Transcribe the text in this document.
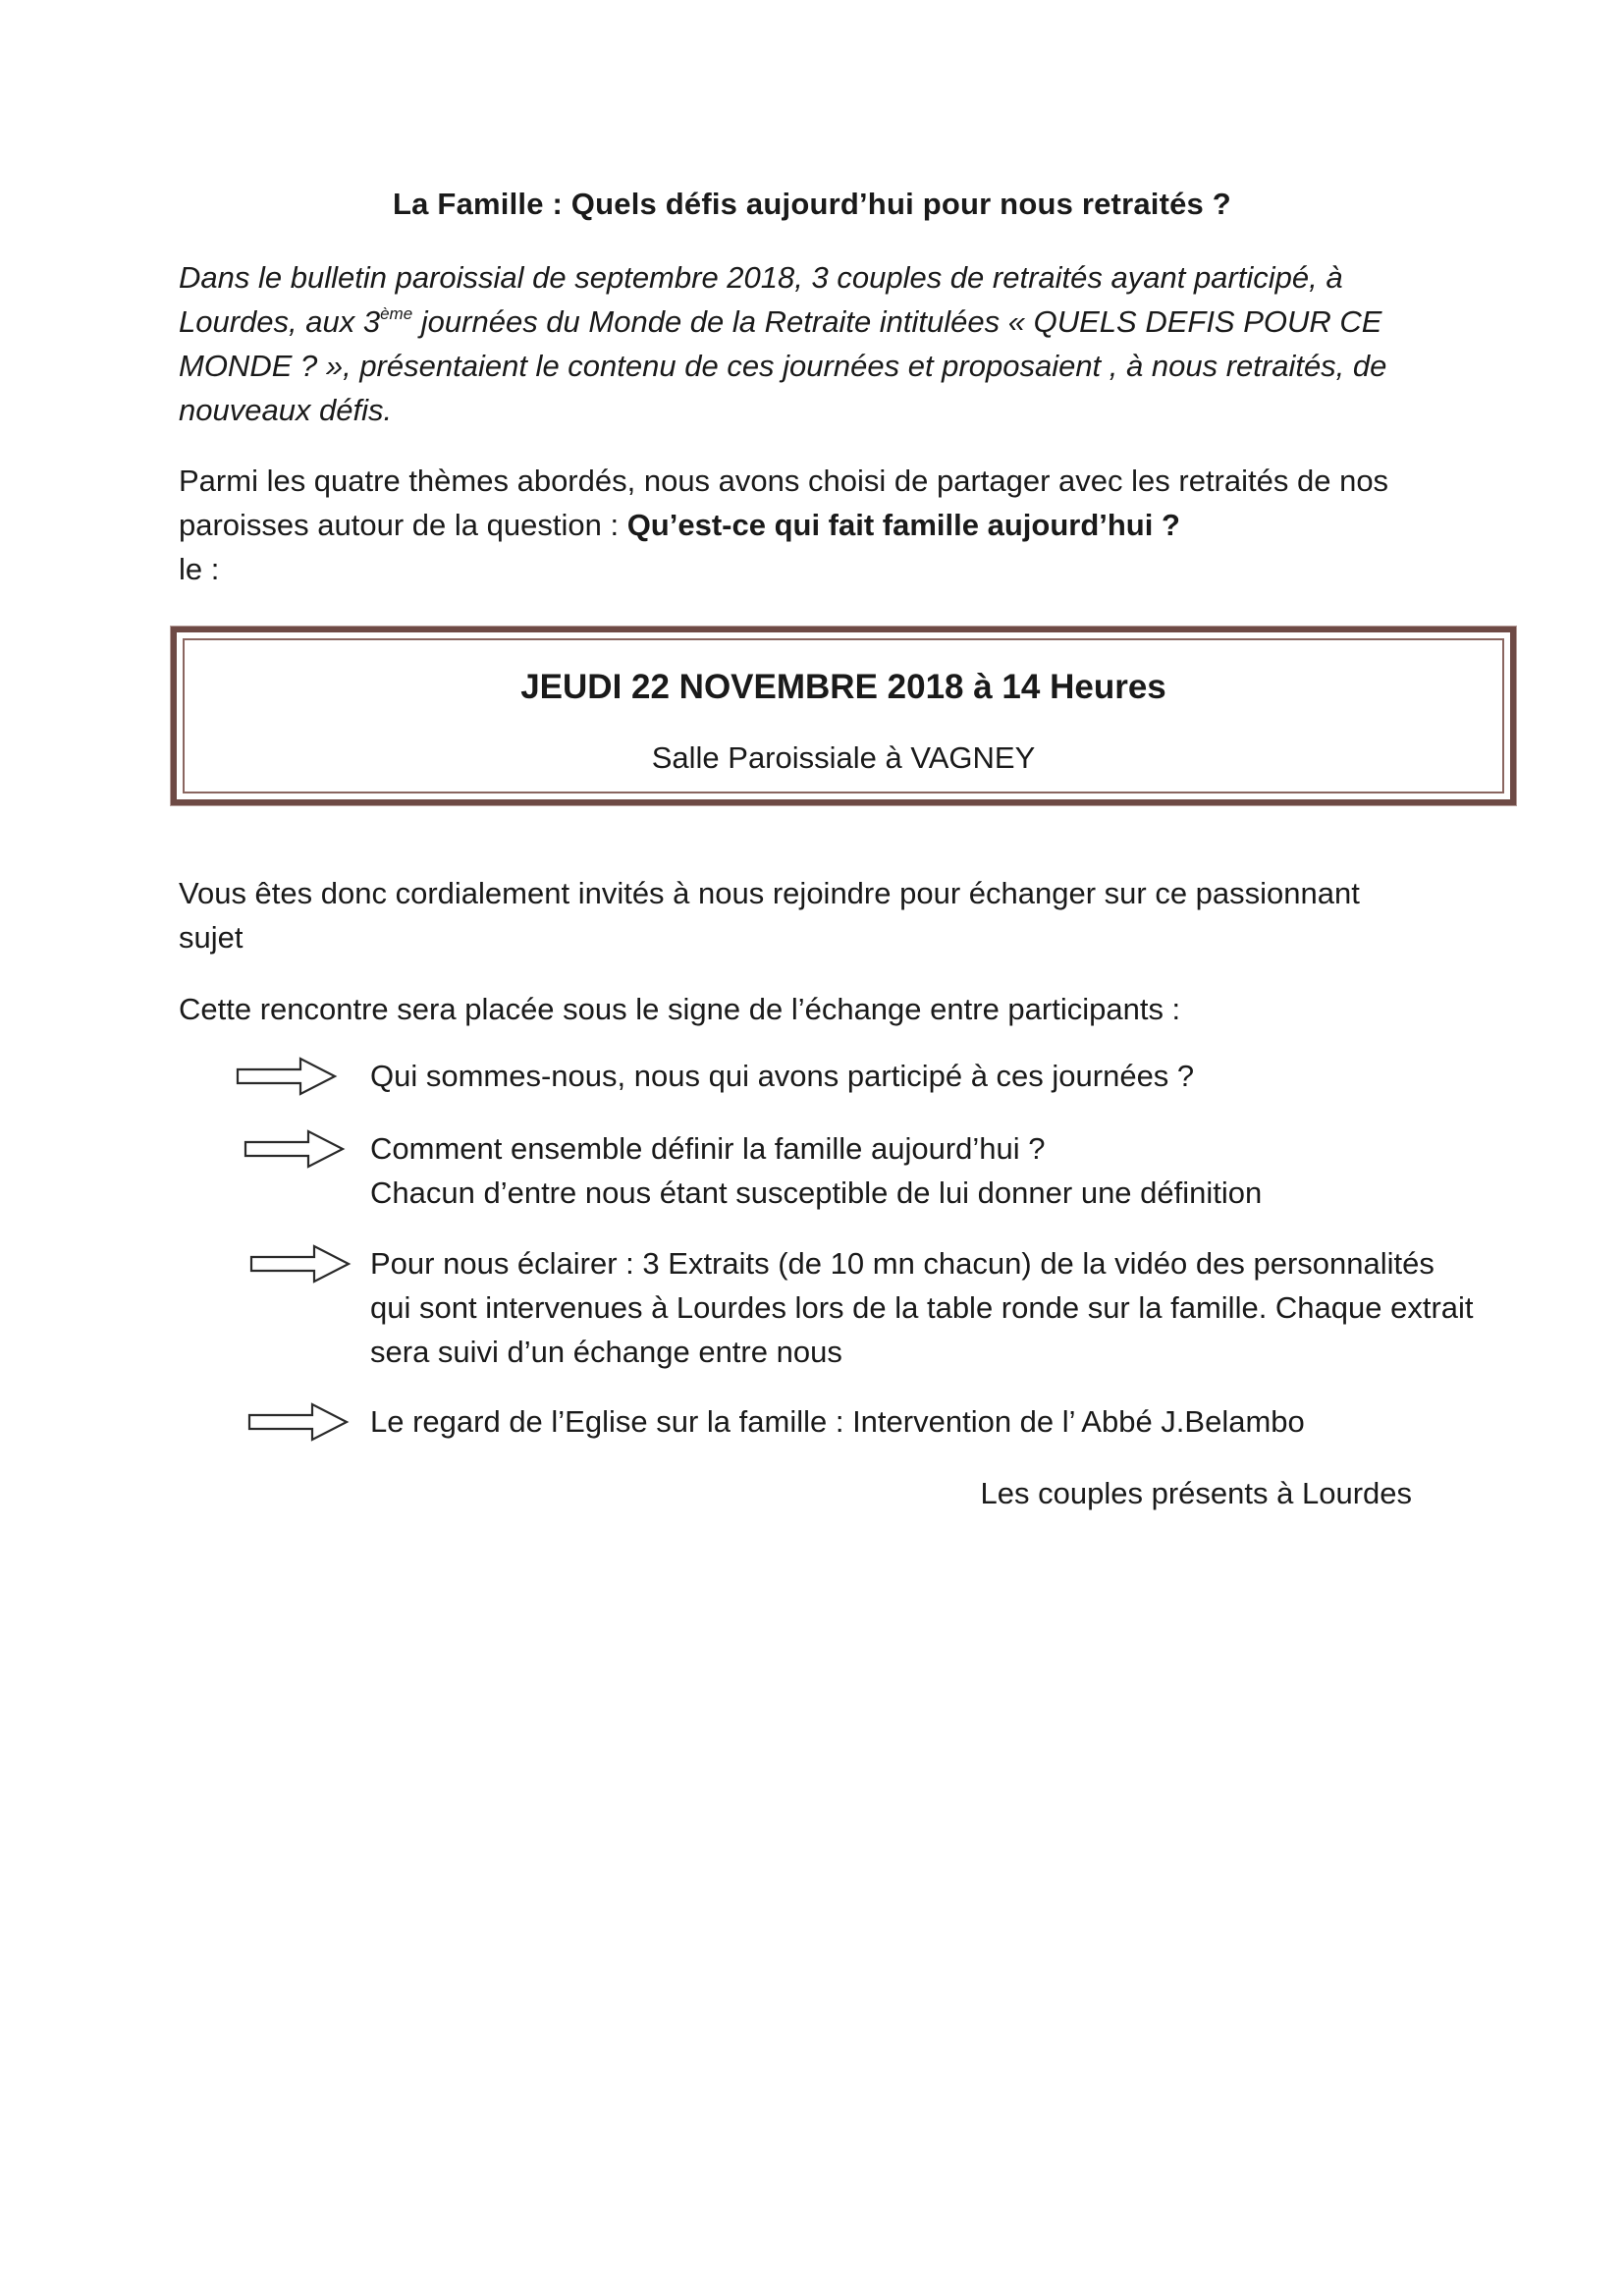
La Famille : Quels défis aujourd’hui pour nous retraités ?
Dans le bulletin paroissial de septembre 2018, 3 couples de retraités ayant participé, à Lourdes, aux 3ème journées du Monde de la Retraite intitulées « QUELS DEFIS POUR CE MONDE ? », présentaient le contenu de ces journées et proposaient , à nous retraités, de nouveaux défis.
Parmi les quatre thèmes abordés, nous avons choisi de partager avec les retraités de nos paroisses autour de la question : Qu’est-ce qui fait famille aujourd’hui ?
le :
JEUDI 22 NOVEMBRE 2018 à 14 Heures
Salle Paroissiale à VAGNEY
Vous êtes donc cordialement invités à nous rejoindre pour échanger sur ce passionnant sujet
Cette rencontre sera placée sous le signe de l’échange entre participants :
Qui sommes-nous, nous qui avons participé à ces journées ?
Comment ensemble définir la famille aujourd’hui ?
Chacun d’entre nous étant susceptible de lui donner une définition
Pour nous éclairer : 3 Extraits (de 10 mn chacun) de la vidéo des personnalités qui sont intervenues à Lourdes lors de la table ronde sur la famille. Chaque extrait sera suivi d’un échange entre nous
Le regard de l’Eglise sur la famille : Intervention de l’ Abbé J.Belambo
Les couples présents à Lourdes
